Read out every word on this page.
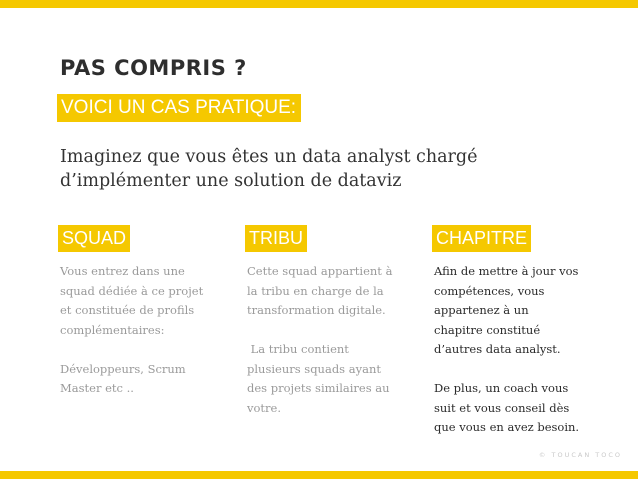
PAS COMPRIS ?
VOICI UN CAS PRATIQUE:
Imaginez que vous êtes un data analyst chargé
d’implémenter une solution de dataviz
SQUAD

Vous entrez dans une

squad dédiée à ce projet

et constituée de profils

complémentaires:

Développeurs, Scrum

Master etc ..

TRIBU

Cette squad appartient à

la tribu en charge de la

transformation digitale.

La tribu contient

plusieurs squads ayant

des projets similaires au

votre.

CHAPITRE

Afin de mettre à jour vos

compétences, vous

appartenez à un

chapitre constitué

d’autres data analyst.

De plus, un coach vous

suit et vous conseil dès

que vous en avez besoin.

© TOUCAN TOCO
